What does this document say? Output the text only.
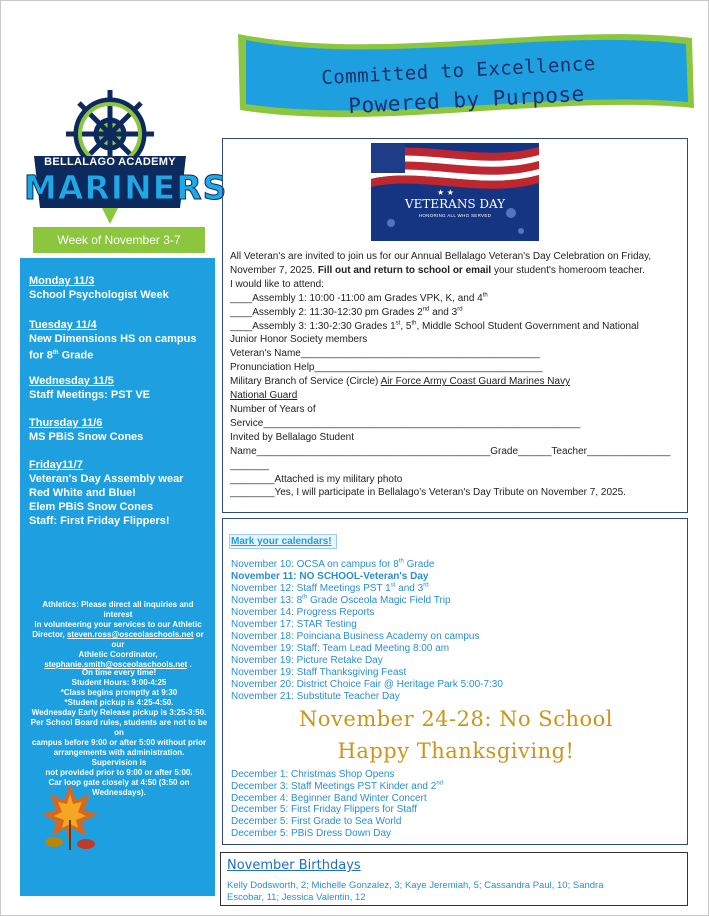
Committed to Excellence
Powered by Purpose
BELLALAGO ACADEMY
MARINERS
Week of November 3-7
Monday 11/3
School Psychologist Week
Tuesday 11/4
New Dimensions HS on campus
for 8th Grade
Wednesday 11/5
Staff Meetings: PST VE
Thursday 11/6
MS PBiS Snow Cones
Friday11/7
Veteran's Day Assembly wear
Red White and Blue!
Elem PBiS Snow Cones
Staff: First Friday Flippers!
Athletics: Please direct all inquiries and interest
in volunteering your services to our Athletic
Director, steven.ross@osceolaschools.net or our
Athletic Coordinator,
stephanie.smith@osceolaschools.net .
On time every time!
Student Hours: 9:00-4:25
*Class begins promptly at 9:30
*Student pickup is 4:25-4:50.
Wednesday Early Release pickup is 3:25-3:50.
Per School Board rules, students are not to be on
campus before 9:00 or after 5:00 without prior
arrangements with administration. Supervision is
not provided prior to 9:00 or after 5:00.
Car loop gate closely at 4:50 (3:50 on
Wednesdays).
★ ★
VETERANS DAY
HONORING ALL WHO SERVED
All Veteran's are invited to join us for our Annual Bellalago Veteran's Day Celebration on Friday,
November 7, 2025. Fill out and return to school or email your student's homeroom teacher.
I would like to attend:
____Assembly 1: 10:00 -11:00 am Grades VPK, K, and 4th
____Assembly 2: 11:30-12:30 pm Grades 2nd and 3rd
____Assembly 3: 1:30-2:30 Grades 1st, 5th, Middle School Student Government and National
Junior Honor Society members
Veteran's Name___________________________________________
Pronunciation Help_________________________________________
Military Branch of Service (Circle) Air Force Army Coast Guard Marines Navy
National Guard
Number of Years of
Service_________________________________________________________
Invited by Bellalago Student
Name__________________________________________Grade______Teacher_______________
_______
________Attached is my military photo
________Yes, I will participate in Bellalago's Veteran's Day Tribute on November 7, 2025.
Mark your calendars!
November 10: OCSA on campus for 8th Grade
November 11: NO SCHOOL-Veteran's Day
November 12: Staff Meetings PST 1st and 3rd
November 13: 8th Grade Osceola Magic Field Trip
November 14: Progress Reports
November 17: STAR Testing
November 18: Poinciana Business Academy on campus
November 19: Staff: Team Lead Meeting 8:00 am
November 19: Picture Retake Day
November 19: Staff Thanksgiving Feast
November 20: District Choice Fair @ Heritage Park 5:00-7:30
November 21: Substitute Teacher Day
November 24-28: No School
Happy Thanksgiving!
December 1: Christmas Shop Opens
December 3: Staff Meetings PST Kinder and 2nd
December 4: Beginner Band Winter Concert
December 5: First Friday Flippers for Staff
December 5: First Grade to Sea World
December 5: PBiS Dress Down Day
November Birthdays
Kelly Dodsworth, 2; Michelle Gonzalez, 3; Kaye Jeremiah, 5; Cassandra Paul, 10; Sandra
Escobar, 11; Jessica Valentin, 12
